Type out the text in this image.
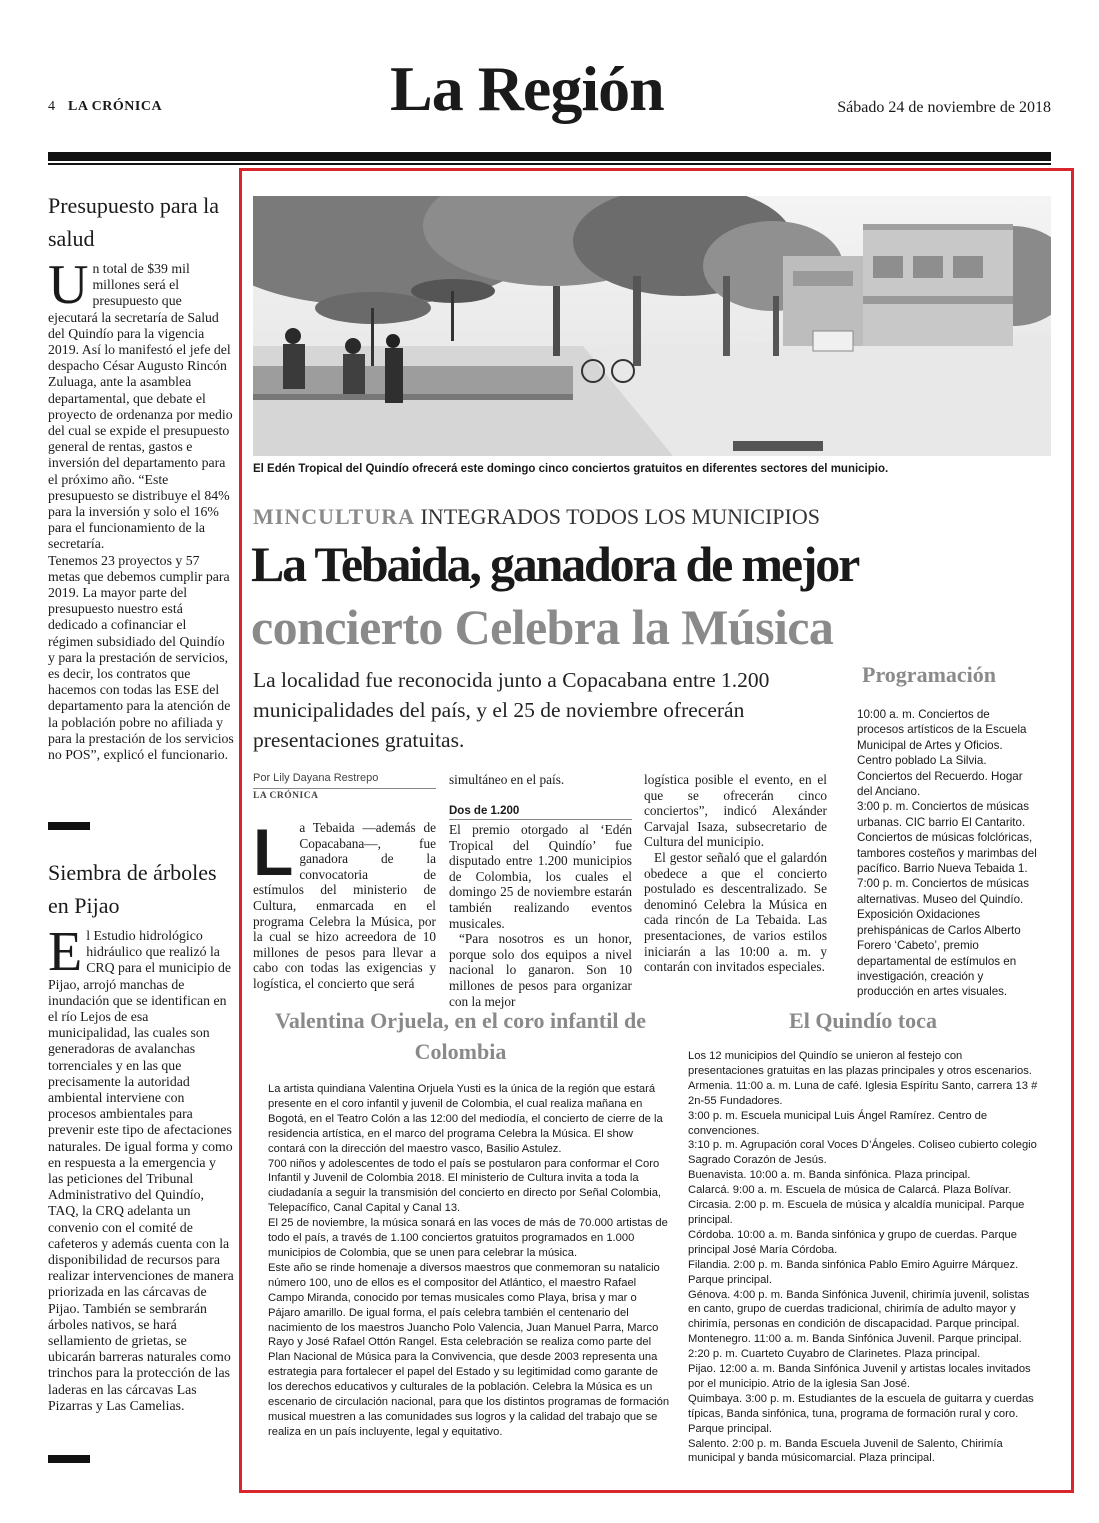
4 LA CRÓNICA	La Región	Sábado 24 de noviembre de 2018
Presupuesto para la salud
U n total de $39 mil millones será el presupuesto que ejecutará la secretaría de Salud del Quindío para la vigencia 2019. Así lo manifestó el jefe del despacho César Augusto Rincón Zuluaga, ante la asamblea departamental, que debate el proyecto de ordenanza por medio del cual se expide el presupuesto general de rentas, gastos e inversión del departamento para el próximo año. “Este presupuesto se distribuye el 84% para la inversión y solo el 16% para el funcionamiento de la secretaría.

Tenemos 23 proyectos y 57 metas que debemos cumplir para 2019. La mayor parte del presupuesto nuestro está dedicado a cofinanciar el régimen subsidiado del Quindío y para la prestación de servicios, es decir, los contratos que hacemos con todas las ESE del departamento para la atención de la población pobre no afiliada y para la prestación de los servicios no POS”, explicó el funcionario.

Siembra de árboles en Pijao
E l Estudio hidrológico hidráulico que realizó la CRQ para el municipio de Pijao, arrojó manchas de inundación que se identifican en el río Lejos de esa municipalidad, las cuales son generadoras de avalanchas torrenciales y en las que precisamente la autoridad ambiental interviene con procesos ambientales para prevenir este tipo de afectaciones naturales. De igual forma y como en respuesta a la emergencia y las peticiones del Tribunal Administrativo del Quindío, TAQ, la CRQ adelanta un convenio con el comité de cafeteros y además cuenta con la disponibilidad de recursos para realizar intervenciones de manera priorizada en las cárcavas de Pijao. También se sembrarán árboles nativos, se hará sellamiento de grietas, se ubicarán barreras naturales como trinchos para la protección de las laderas en las cárcavas Las Pizarras y Las Camelias.

El Edén Tropical del Quindío ofrecerá este domingo cinco conciertos gratuitos en diferentes sectores del municipio.
MINCULTURA INTEGRADOS TODOS LOS MUNICIPIOS
La Tebaida, ganadora de mejor
concierto Celebra la Música
La localidad fue reconocida junto a Copacabana entre 1.200 municipalidades del país, y el 25 de noviembre ofrecerán presentaciones gratuitas.
Por Lily Dayana Restrepo
LA CRÓNICA
L a Tebaida —además de Copacabana—, fue ganadora de la convocatoria de estímulos del ministerio de Cultura, enmarcada en el programa Celebra la Música, por la cual se hizo acreedora de 10 millones de pesos para llevar a cabo con todas las exigencias y logística, el concierto que será

simultáneo en el país.

Dos de 1.200

El premio otorgado al ‘Edén Tropical del Quindío’ fue disputado entre 1.200 municipios de Colombia, los cuales el domingo 25 de noviembre estarán también realizando eventos musicales.

“Para nosotros es un honor, porque solo dos equipos a nivel nacional lo ganaron. Son 10 millones de pesos para organizar con la mejor

logística posible el evento, en el que se ofrecerán cinco conciertos”, indicó Alexánder Carvajal Isaza, subsecretario de Cultura del municipio.

El gestor señaló que el galardón obedece a que el concierto postulado es descentralizado. Se denominó Celebra la Música en cada rincón de La Tebaida. Las presentaciones, de varios estilos iniciarán a las 10:00 a. m. y contarán con invitados especiales.

Programación

10:00 a. m. Conciertos de procesos artísticos de la Escuela Municipal de Artes y Oficios. Centro poblado La Silvia. Conciertos del Recuerdo. Hogar del Anciano.

3:00 p. m. Conciertos de músicas urbanas. CIC barrio El Cantarito. Conciertos de músicas folclóricas, tambores costeños y marimbas del pacífico. Barrio Nueva Tebaida 1.

7:00 p. m. Conciertos de músicas alternativas. Museo del Quindío. Exposición Oxidaciones prehispánicas de Carlos Alberto Forero ‘Cabeto’, premio departamental de estímulos en investigación, creación y producción en artes visuales.

Valentina Orjuela, en el coro infantil de Colombia

La artista quindiana Valentina Orjuela Yusti es la única de la región que estará presente en el coro infantil y juvenil de Colombia, el cual realiza mañana en Bogotá, en el Teatro Colón a las 12:00 del mediodía, el concierto de cierre de la residencia artística, en el marco del programa Celebra la Música. El show contará con la dirección del maestro vasco, Basilio Astulez.

700 niños y adolescentes de todo el país se postularon para conformar el Coro Infantil y Juvenil de Colombia 2018. El ministerio de Cultura invita a toda la ciudadanía a seguir la transmisión del concierto en directo por Señal Colombia, Telepacífico, Canal Capital y Canal 13.

El 25 de noviembre, la música sonará en las voces de más de 70.000 artistas de todo el país, a través de 1.100 conciertos gratuitos programados en 1.000 municipios de Colombia, que se unen para celebrar la música.

Este año se rinde homenaje a diversos maestros que conmemoran su natalicio número 100, uno de ellos es el compositor del Atlántico, el maestro Rafael Campo Miranda, conocido por temas musicales como Playa, brisa y mar o Pájaro amarillo. De igual forma, el país celebra también el centenario del nacimiento de los maestros Juancho Polo Valencia, Juan Manuel Parra, Marco Rayo y José Rafael Ottón Rangel. Esta celebración se realiza como parte del Plan Nacional de Música para la Convivencia, que desde 2003 representa una estrategia para fortalecer el papel del Estado y su legitimidad como garante de los derechos educativos y culturales de la población. Celebra la Música es un escenario de circulación nacional, para que los distintos programas de formación musical muestren a las comunidades sus logros y la calidad del trabajo que se realiza en un país incluyente, legal y equitativo.

El Quindío toca

Los 12 municipios del Quindío se unieron al festejo con presentaciones gratuitas en las plazas principales y otros escenarios.

Armenia. 11:00 a. m. Luna de café. Iglesia Espíritu Santo, carrera 13 # 2n-55 Fundadores.

3:00 p. m. Escuela municipal Luis Ángel Ramírez. Centro de convenciones.

3:10 p. m. Agrupación coral Voces D’Ángeles. Coliseo cubierto colegio Sagrado Corazón de Jesús.

Buenavista. 10:00 a. m. Banda sinfónica. Plaza principal.

Calarcá. 9:00 a. m. Escuela de música de Calarcá. Plaza Bolívar.

Circasia. 2:00 p. m. Escuela de música y alcaldía municipal. Parque principal.

Córdoba. 10:00 a. m. Banda sinfónica y grupo de cuerdas. Parque principal José María Córdoba.

Filandia. 2:00 p. m. Banda sinfónica Pablo Emiro Aguirre Márquez. Parque principal.

Génova. 4:00 p. m. Banda Sinfónica Juvenil, chirimía juvenil, solistas en canto, grupo de cuerdas tradicional, chirimía de adulto mayor y chirimía, personas en condición de discapacidad. Parque principal.

Montenegro. 11:00 a. m. Banda Sinfónica Juvenil. Parque principal. 2:20 p. m. Cuarteto Cuyabro de Clarinetes. Plaza principal.

Pijao. 12:00 a. m. Banda Sinfónica Juvenil y artistas locales invitados por el municipio. Atrio de la iglesia San José.

Quimbaya. 3:00 p. m. Estudiantes de la escuela de guitarra y cuerdas típicas, Banda sinfónica, tuna, programa de formación rural y coro. Parque principal.

Salento. 2:00 p. m. Banda Escuela Juvenil de Salento, Chirimía municipal y banda músicomarcial. Plaza principal.
